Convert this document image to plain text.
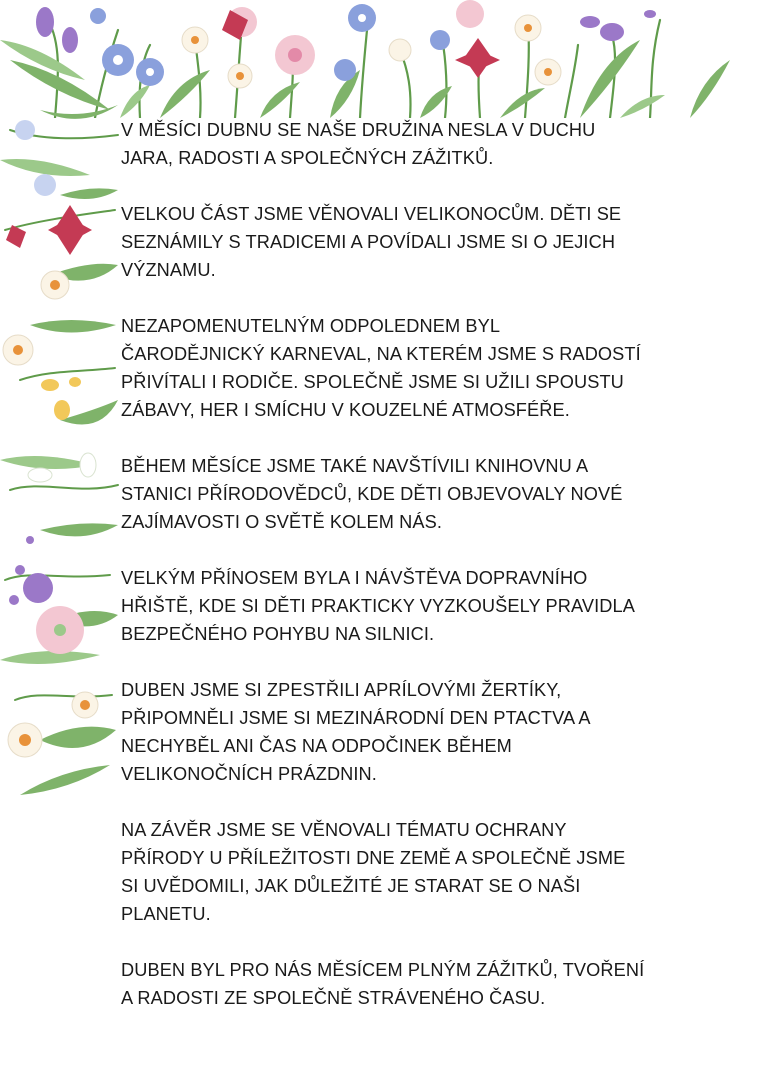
V MĚSÍCI DUBNU SE NAŠE DRUŽINA NESLA V DUCHU
JARA, RADOSTI A SPOLEČNÝCH ZÁŽITKŮ.

VELKOU ČÁST JSME VĚNOVALI VELIKONOCŮM. DĚTI SE
SEZNÁMILY S TRADICEMI A POVÍDALI JSME SI O JEJICH
VÝZNAMU.

NEZAPOMENUTELNÝM ODPOLEDNEM BYL
ČARODĚJNICKÝ KARNEVAL, NA KTERÉM JSME S RADOSTÍ
PŘIVÍTALI I RODIČE. SPOLEČNĚ JSME SI UŽILI SPOUSTU
ZÁBAVY, HER I SMÍCHU V KOUZELNÉ ATMOSFÉŘE.

BĚHEM MĚSÍCE JSME TAKÉ NAVŠTÍVILI KNIHOVNU A
STANICI PŘÍRODOVĚDCŮ, KDE DĚTI OBJEVOVALY NOVÉ
ZAJÍMAVOSTI O SVĚTĚ KOLEM NÁS.

VELKÝM PŘÍNOSEM BYLA I NÁVŠTĚVA DOPRAVNÍHO
HŘIŠTĚ, KDE SI DĚTI PRAKTICKY VYZKOUŠELY PRAVIDLA
BEZPEČNÉHO POHYBU NA SILNICI.

DUBEN JSME SI ZPESTŘILI APRÍLOVÝMI ŽERTÍKY,
PŘIPOMNĚLI JSME SI MEZINÁRODNÍ DEN PTACTVA A
NECHYBĚL ANI ČAS NA ODPOČINEK BĚHEM
VELIKONOČNÍCH PRÁZDNIN.

NA ZÁVĚR JSME SE VĚNOVALI TÉMATU OCHRANY
PŘÍRODY U PŘÍLEŽITOSTI DNE ZEMĚ A SPOLEČNĚ JSME
SI UVĚDOMILI, JAK DŮLEŽITÉ JE STARAT SE O NAŠI
PLANETU.

DUBEN BYL PRO NÁS MĚSÍCEM PLNÝM ZÁŽITKŮ, TVOŘENÍ
A RADOSTI ZE SPOLEČNĚ STRÁVENÉHO ČASU.
